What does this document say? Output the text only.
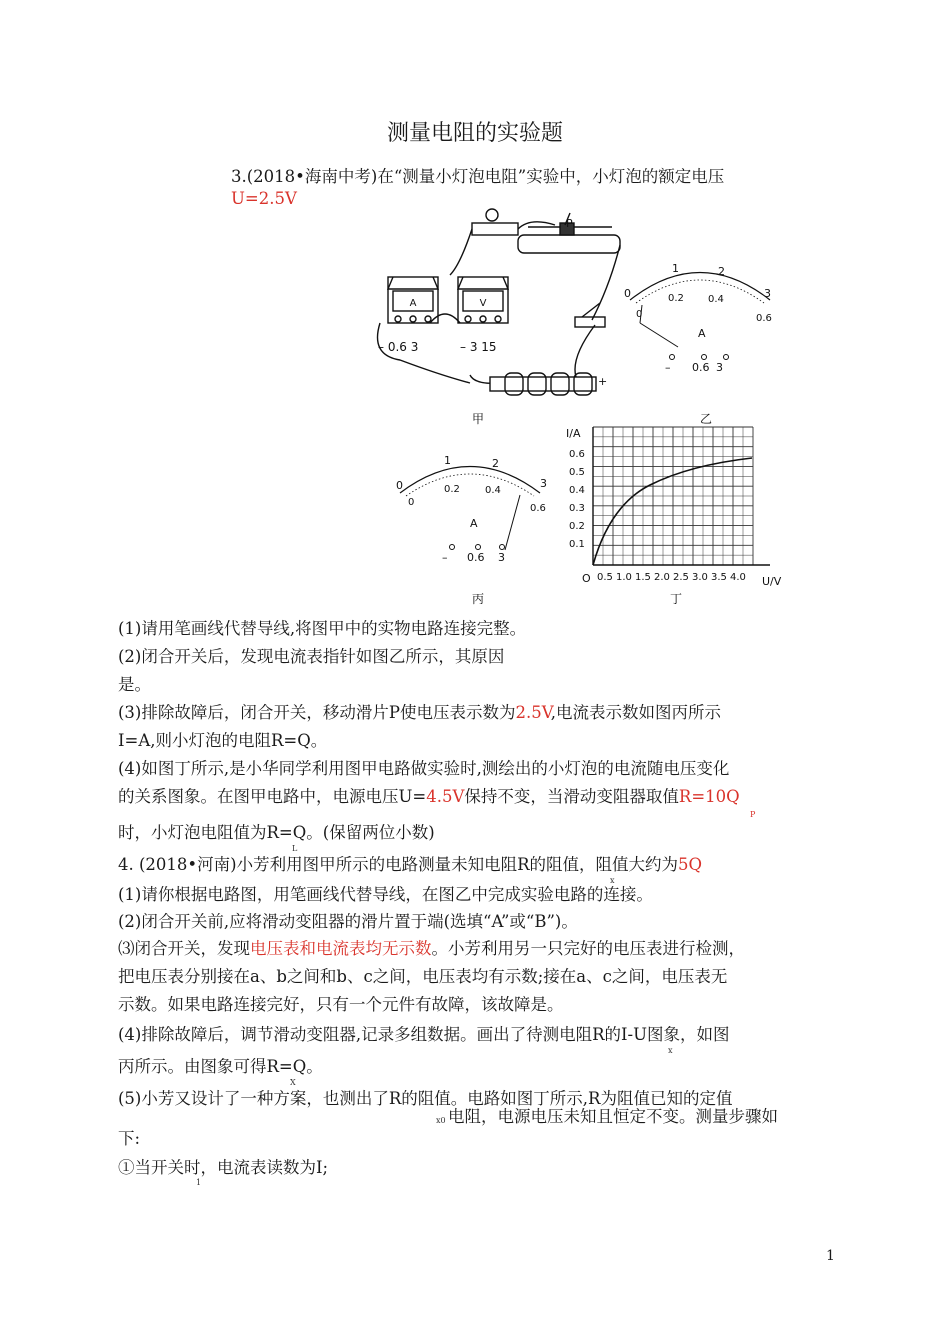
测量电阻的实验题
3.(2018•海南中考)在“测量小灯泡电阻”实验中，小灯泡的额定电压
U=2.5V
A	V
P
– 0.6 3	– 3 15
+
甲
0
1	2
3
0
0.2 0.4
0.6
A
– 0.6 3
乙
0
1	2
3
0
0.2	0.4
0.6
A
– 0.6 3
丙
I/A
U/V
O
0.6
0.5
0.4
0.3
0.2
0.1
0.5 1.0 1.5 2.0 2.5 3.0 3.5 4.0
丁
(1)请用笔画线代替导线,将图甲中的实物电路连接完整。
(2)闭合开关后，发现电流表指针如图乙所示，其原因
是。
(3)排除故障后，闭合开关，移动滑片P使电压表示数为2.5V,电流表示数如图丙所示
I=A,则小灯泡的电阻R=Q。
(4)如图丁所示,是小华同学利用图甲电路做实验时,测绘出的小灯泡的电流随电压变化
的关系图象。在图甲电路中，电源电压U=4.5V保持不变，当滑动变阻器取值R=10Q
P
时，小灯泡电阻值为R=Q。(保留两位小数)
L
4. (2018•河南)小芳利用图甲所示的电路测量未知电阻R的阻值，阻值大约为5Q
x
(1)请你根据电路图，用笔画线代替导线，在图乙中完成实验电路的连接。
(2)闭合开关前,应将滑动变阻器的滑片置于端(选填“A”或“B”)。
⑶闭合开关，发现电压表和电流表均无示数。小芳利用另一只完好的电压表进行检测，
把电压表分别接在a、b之间和b、c之间，电压表均有示数;接在a、c之间，电压表无
示数。如果电路连接完好，只有一个元件有故障，该故障是。
(4)排除故障后，调节滑动变阻器,记录多组数据。画出了待测电阻R的I-U图象，如图
x
丙所示。由图象可得R=Q。
X
(5)小芳又设计了一种方案，也测出了R的阻值。电路如图丁所示,R为阻值已知的定值
x0 电阻，电源电压未知且恒定不变。测量步骤如
下:
①当开关时，电流表读数为I;
1
1
